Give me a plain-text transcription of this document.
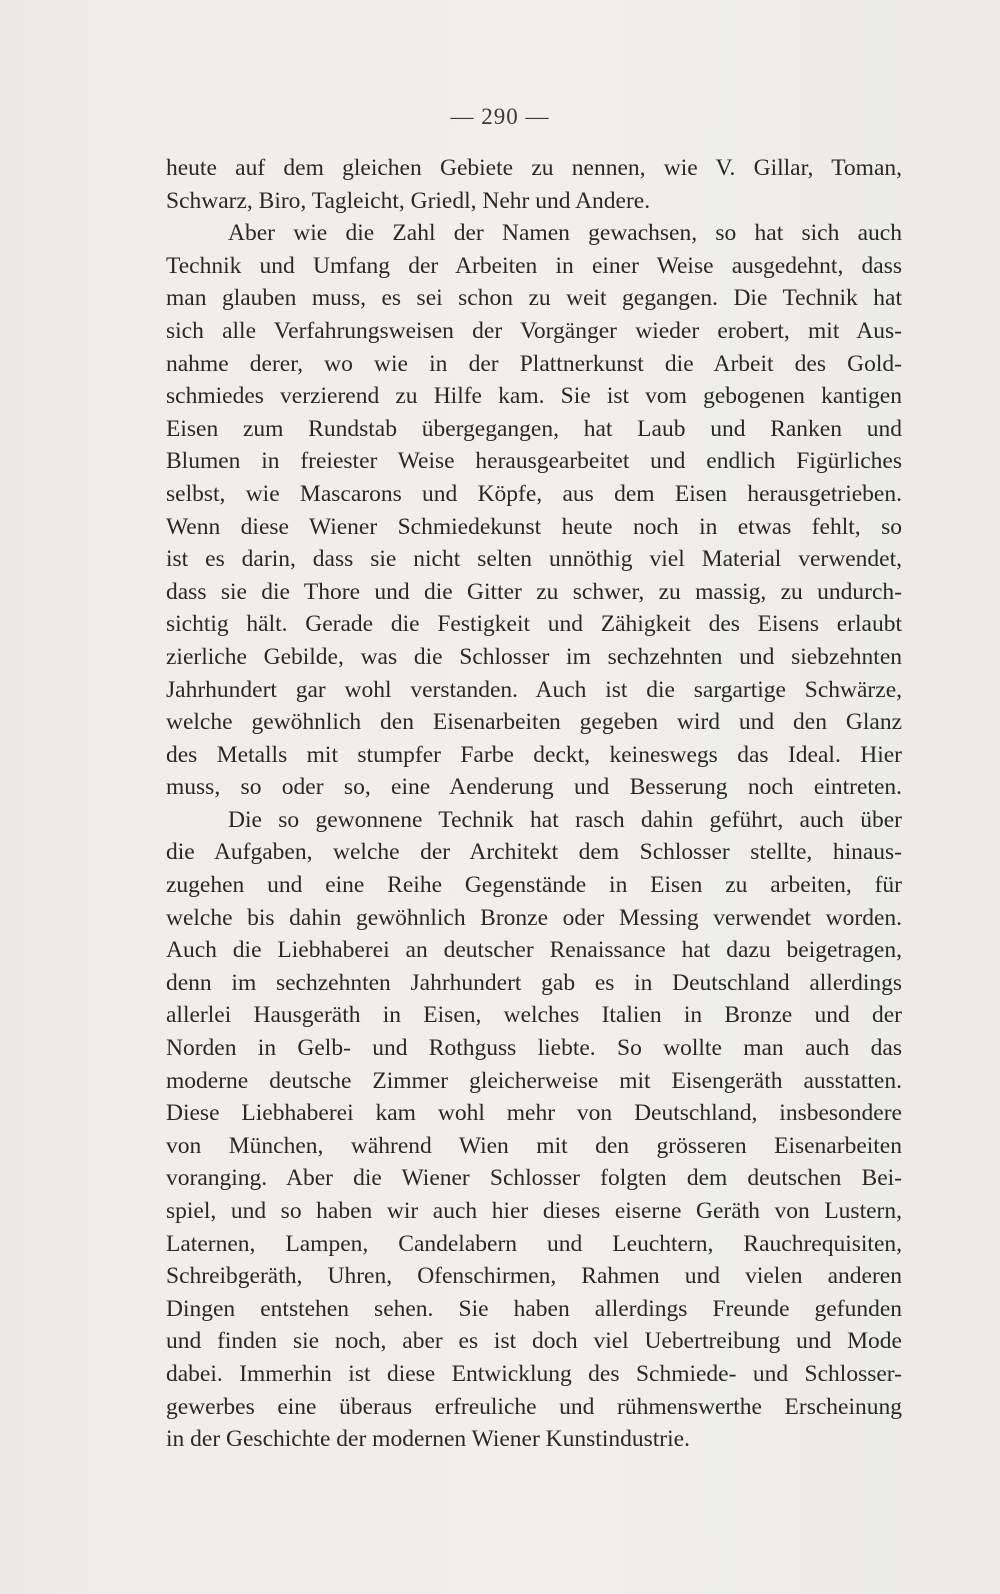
— 290 —
heute auf dem gleichen Gebiete zu nennen, wie V. Gillar, Toman,
Schwarz, Biro, Tagleicht, Griedl, Nehr und Andere.
Aber wie die Zahl der Namen gewachsen, so hat sich auch
Technik und Umfang der Arbeiten in einer Weise ausgedehnt, dass
man glauben muss, es sei schon zu weit gegangen. Die Technik hat
sich alle Verfahrungsweisen der Vorgänger wieder erobert, mit Aus-
nahme derer, wo wie in der Plattnerkunst die Arbeit des Gold-
schmiedes verzierend zu Hilfe kam. Sie ist vom gebogenen kantigen
Eisen zum Rundstab übergegangen, hat Laub und Ranken und
Blumen in freiester Weise herausgearbeitet und endlich Figürliches
selbst, wie Mascarons und Köpfe, aus dem Eisen herausgetrieben.
Wenn diese Wiener Schmiedekunst heute noch in etwas fehlt, so
ist es darin, dass sie nicht selten unnöthig viel Material verwendet,
dass sie die Thore und die Gitter zu schwer, zu massig, zu undurch-
sichtig hält. Gerade die Festigkeit und Zähigkeit des Eisens erlaubt
zierliche Gebilde, was die Schlosser im sechzehnten und siebzehnten
Jahrhundert gar wohl verstanden. Auch ist die sargartige Schwärze,
welche gewöhnlich den Eisenarbeiten gegeben wird und den Glanz
des Metalls mit stumpfer Farbe deckt, keineswegs das Ideal. Hier
muss, so oder so, eine Aenderung und Besserung noch eintreten.
Die so gewonnene Technik hat rasch dahin geführt, auch über
die Aufgaben, welche der Architekt dem Schlosser stellte, hinaus-
zugehen und eine Reihe Gegenstände in Eisen zu arbeiten, für
welche bis dahin gewöhnlich Bronze oder Messing verwendet worden.
Auch die Liebhaberei an deutscher Renaissance hat dazu beigetragen,
denn im sechzehnten Jahrhundert gab es in Deutschland allerdings
allerlei Hausgeräth in Eisen, welches Italien in Bronze und der
Norden in Gelb- und Rothguss liebte. So wollte man auch das
moderne deutsche Zimmer gleicherweise mit Eisengeräth ausstatten.
Diese Liebhaberei kam wohl mehr von Deutschland, insbesondere
von München, während Wien mit den grösseren Eisenarbeiten
voranging. Aber die Wiener Schlosser folgten dem deutschen Bei-
spiel, und so haben wir auch hier dieses eiserne Geräth von Lustern,
Laternen, Lampen, Candelabern und Leuchtern, Rauchrequisiten,
Schreibgeräth, Uhren, Ofenschirmen, Rahmen und vielen anderen
Dingen entstehen sehen. Sie haben allerdings Freunde gefunden
und finden sie noch, aber es ist doch viel Uebertreibung und Mode
dabei. Immerhin ist diese Entwicklung des Schmiede- und Schlosser-
gewerbes eine überaus erfreuliche und rühmenswerthe Erscheinung
in der Geschichte der modernen Wiener Kunstindustrie.
